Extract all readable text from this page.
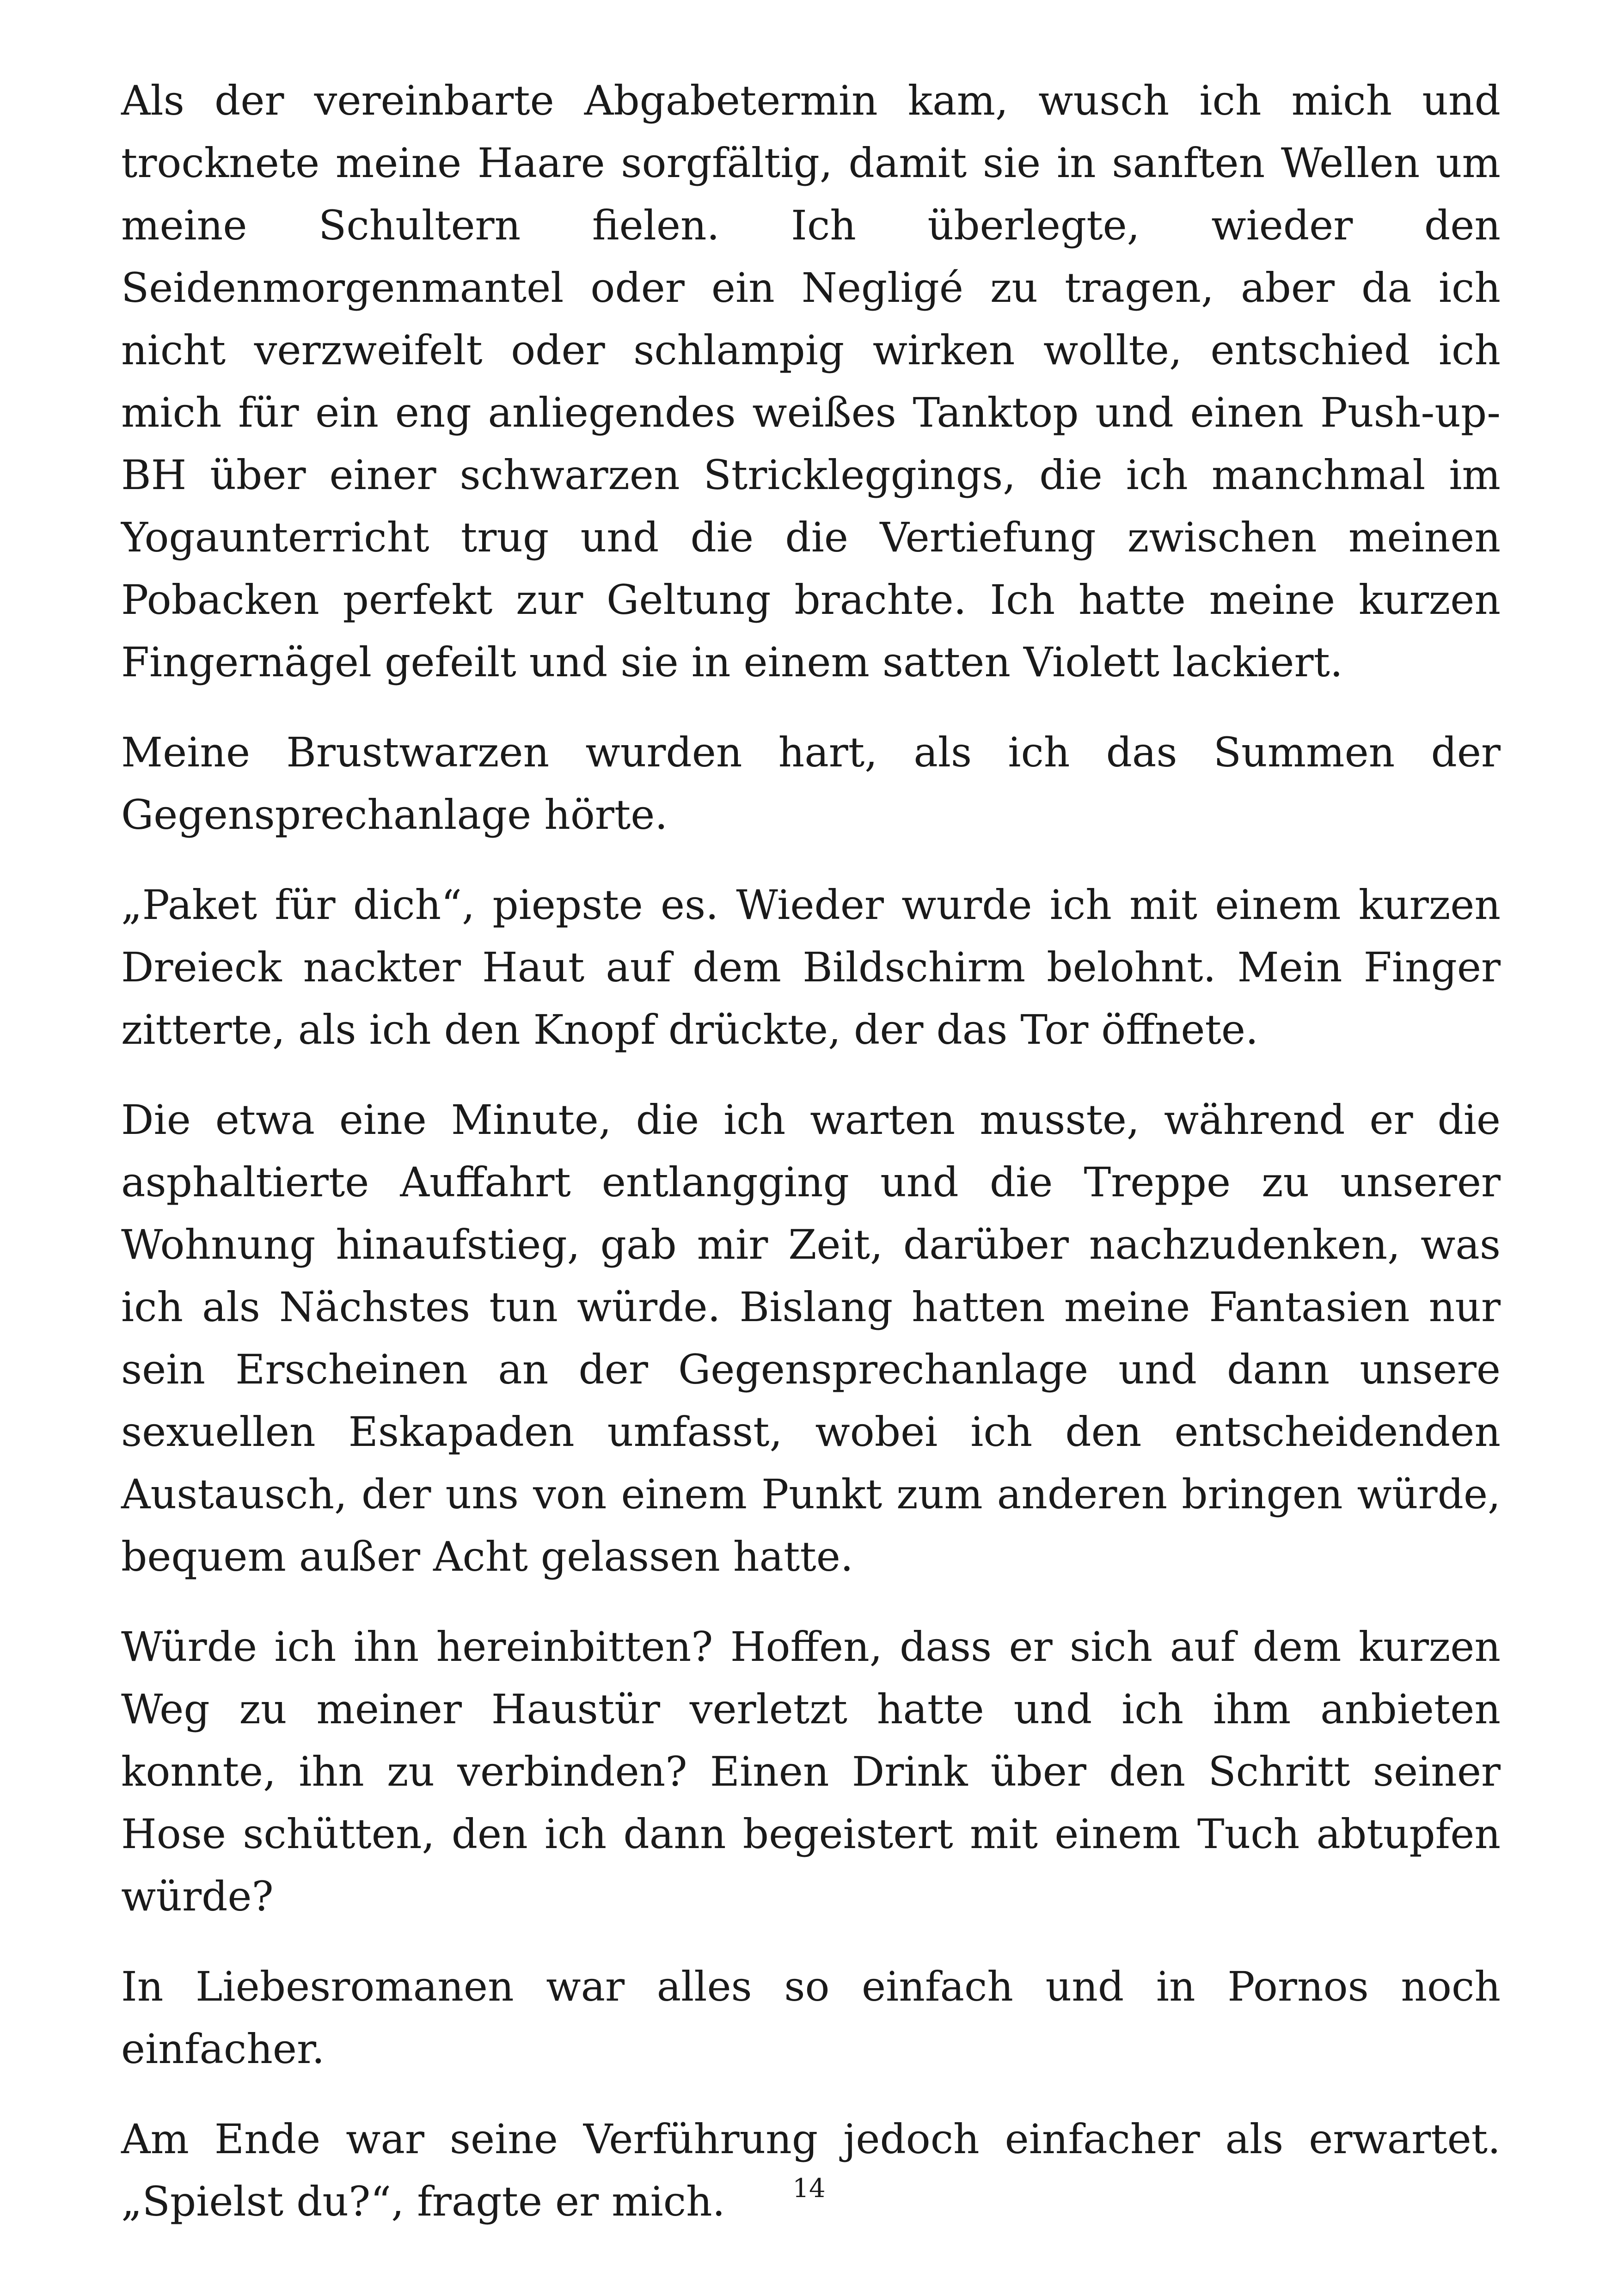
Als der vereinbarte Abgabetermin kam, wusch ich mich und trocknete meine Haare sorgfältig, damit sie in sanften Wellen um meine Schultern fielen. Ich überlegte, wieder den Seidenmorgenmantel oder ein Negligé zu tragen, aber da ich nicht verzweifelt oder schlampig wirken wollte, entschied ich mich für ein eng anliegendes weißes Tanktop und einen Push-up-BH über einer schwarzen Strickleggings, die ich manchmal im Yogaunterricht trug und die die Vertiefung zwischen meinen Pobacken perfekt zur Geltung brachte. Ich hatte meine kurzen Fingernägel gefeilt und sie in einem satten Violett lackiert.

Meine Brustwarzen wurden hart, als ich das Summen der Gegensprechanlage hörte.

„Paket für dich“, piepste es. Wieder wurde ich mit einem kurzen Dreieck nackter Haut auf dem Bildschirm belohnt. Mein Finger zitterte, als ich den Knopf drückte, der das Tor öffnete.

Die etwa eine Minute, die ich warten musste, während er die asphaltierte Auffahrt entlangging und die Treppe zu unserer Wohnung hinaufstieg, gab mir Zeit, darüber nachzudenken, was ich als Nächstes tun würde. Bislang hatten meine Fantasien nur sein Erscheinen an der Gegensprechanlage und dann unsere sexuellen Eskapaden umfasst, wobei ich den entscheidenden Austausch, der uns von einem Punkt zum anderen bringen würde, bequem außer Acht gelassen hatte.

Würde ich ihn hereinbitten? Hoffen, dass er sich auf dem kurzen Weg zu meiner Haustür verletzt hatte und ich ihm anbieten konnte, ihn zu verbinden? Einen Drink über den Schritt seiner Hose schütten, den ich dann begeistert mit einem Tuch abtupfen würde?

In Liebesromanen war alles so einfach und in Pornos noch einfacher.

Am Ende war seine Verführung jedoch einfacher als erwartet. „Spielst du?“, fragte er mich.	14
